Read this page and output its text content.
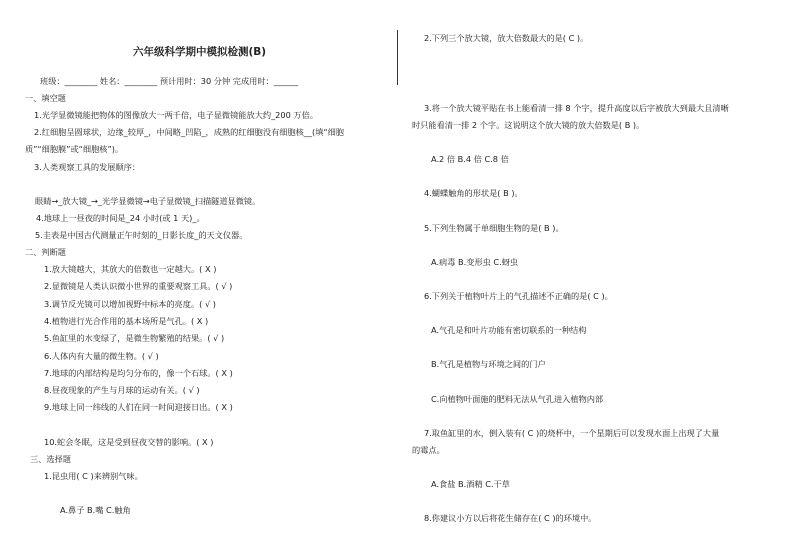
六年级科学期中模拟检测(B)
班级：________ 姓名：________ 预计用时：30 分钟 完成用时：______
一、填空题
1.光学显微镜能把物体的图像放大一两千倍，电子显微镜能放大约_200 万倍。
2.红细胞呈圆球状，边缘_较厚_，中间略_凹陷_，成熟的红细胞没有细胞核__(填“细胞
质”“细胞膜”或“细胞核”)。
3.人类观察工具的发展顺序：
眼睛→_放大镜_→_光学显微镜→电子显微镜_扫描隧道显微镜。
4.地球上一昼夜的时间是_24 小时(或 1 天)_。
5.圭表是中国古代测量正午时刻的_日影长度_的天文仪器。
二、判断题
1.放大镜越大，其放大的倍数也一定越大。( X )
2.显微镜是人类认识微小世界的重要观察工具。( √ )
3.调节反光镜可以增加视野中标本的亮度。( √ )
4.植物进行光合作用的基本场所是气孔。( X )
5.鱼缸里的水变绿了，是微生物繁殖的结果。( √ )
6.人体内有大量的微生物。( √ )
7.地球的内部结构是均匀分布的，像一个石球。( X )
8.昼夜现象的产生与月球的运动有关。( √ )
9.地球上同一纬线的人们在同一时间迎接日出。( X )
10.蛇会冬眠，这是受到昼夜交替的影响。( X )
三、选择题
1.昆虫用( C )来辨别气味。
A.鼻子 B.嘴 C.触角
2.下列三个放大镜，放大倍数最大的是( C )。
3.将一个放大镜平贴在书上能看清一排 8 个字，提升高度以后字被放大到最大且清晰
时只能看清一排 2 个字。这说明这个放大镜的放大倍数是( B )。
A.2 倍 B.4 倍 C.8 倍
4.蝴蝶触角的形状是( B )。
5.下列生物属于单细胞生物的是( B )。
A.病毒 B.变形虫 C.蚜虫
6.下列关于植物叶片上的气孔描述不正确的是( C )。
A.气孔是和叶片功能有密切联系的一种结构
B.气孔是植物与环境之间的门户
C.向植物叶面施的肥料无法从气孔进入植物内部
7.取鱼缸里的水，倒入装有( C )的烧杯中，一个星期后可以发现水面上出现了大量
的霉点。
A.食盐 B.酒精 C.干草
8.你建议小方以后将花生储存在( C )的环境中。
